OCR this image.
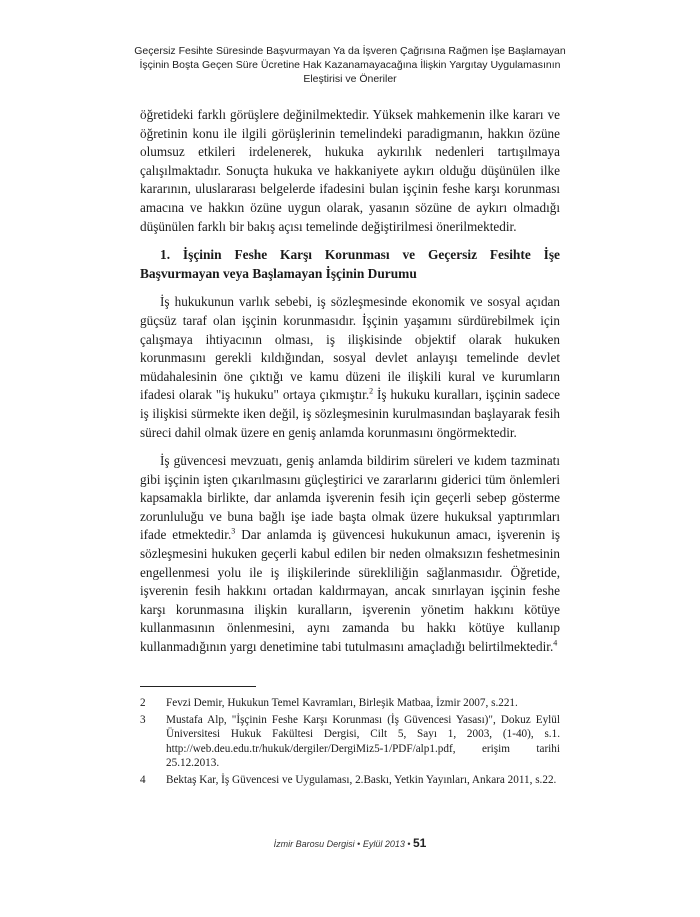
Geçersiz Fesihte Süresinde Başvurmayan Ya da İşveren Çağrısına Rağmen İşe Başlamayan
İşçinin Boşta Geçen Süre Ücretine Hak Kazanamayacağına İlişkin Yargıtay Uygulamasının
Eleştirisi ve Öneriler

öğretideki farklı görüşlere değinilmektedir. Yüksek mahkemenin ilke kararı ve öğretinin konu ile ilgili görüşlerinin temelindeki paradigmanın, hakkın özüne olumsuz etkileri irdelenerek, hukuka aykırılık nedenleri tartışılmaya çalışılmaktadır. Sonuçta hukuka ve hakkaniyete aykırı olduğu düşünülen ilke kararının, uluslararası belgelerde ifadesini bulan işçinin feshe karşı korunması amacına ve hakkın özüne uygun olarak, yasanın sözüne de aykırı olmadığı düşünülen farklı bir bakış açısı temelinde değiştirilmesi önerilmektedir.

1. İşçinin Feshe Karşı Korunması ve Geçersiz Fesihte İşe Başvurmayan veya Başlamayan İşçinin Durumu

İş hukukunun varlık sebebi, iş sözleşmesinde ekonomik ve sosyal açıdan güçsüz taraf olan işçinin korunmasıdır. İşçinin yaşamını sürdürebilmek için çalışmaya ihtiyacının olması, iş ilişkisinde objektif olarak hukuken korunmasını gerekli kıldığından, sosyal devlet anlayışı temelinde devlet müdahalesinin öne çıktığı ve kamu düzeni ile ilişkili kural ve kurumların ifadesi olarak "iş hukuku" ortaya çıkmıştır.$^2$ İş hukuku kuralları, işçinin sadece iş ilişkisi sürmekte iken değil, iş sözleşmesinin kurulmasından başlayarak fesih süreci dahil olmak üzere en geniş anlamda korunmasını öngörmektedir.

İş güvencesi mevzuatı, geniş anlamda bildirim süreleri ve kıdem tazminatı gibi işçinin işten çıkarılmasını güçleştirici ve zararlarını giderici tüm önlemleri kapsamakla birlikte, dar anlamda işverenin fesih için geçerli sebep gösterme zorunluluğu ve buna bağlı işe iade başta olmak üzere hukuksal yaptırımları ifade etmektedir.$^3$ Dar anlamda iş güvencesi hukukunun amacı, işverenin iş sözleşmesini hukuken geçerli kabul edilen bir neden olmaksızın feshetmesinin engellenmesi yolu ile iş ilişkilerinde sürekliliğin sağlanmasıdır. Öğretide, işverenin fesih hakkını ortadan kaldırmayan, ancak sınırlayan işçinin feshe karşı korunmasına ilişkin kuralların, işverenin yönetim hakkını kötüye kullanmasının önlenmesini, aynı zamanda bu hakkı kötüye kullanıp kullanmadığının yargı denetimine tabi tutulmasını amaçladığı belirtilmektedir.$^4$

2	Fevzi Demir, Hukukun Temel Kavramları, Birleşik Matbaa, İzmir 2007, s.221.
3	Mustafa Alp, "İşçinin Feshe Karşı Korunması (İş Güvencesi Yasası)", Dokuz Eylül Üniversitesi Hukuk Fakültesi Dergisi, Cilt 5, Sayı 1, 2003, (1-40), s.1. http://web.deu.edu.tr/hukuk/dergiler/DergiMiz5-1/PDF/alp1.pdf, erişim tarihi 25.12.2013.
4	Bektaş Kar, İş Güvencesi ve Uygulaması, 2.Baskı, Yetkin Yayınları, Ankara 2011, s.22.
İzmir Barosu Dergisi • Eylül 2013 • 51
